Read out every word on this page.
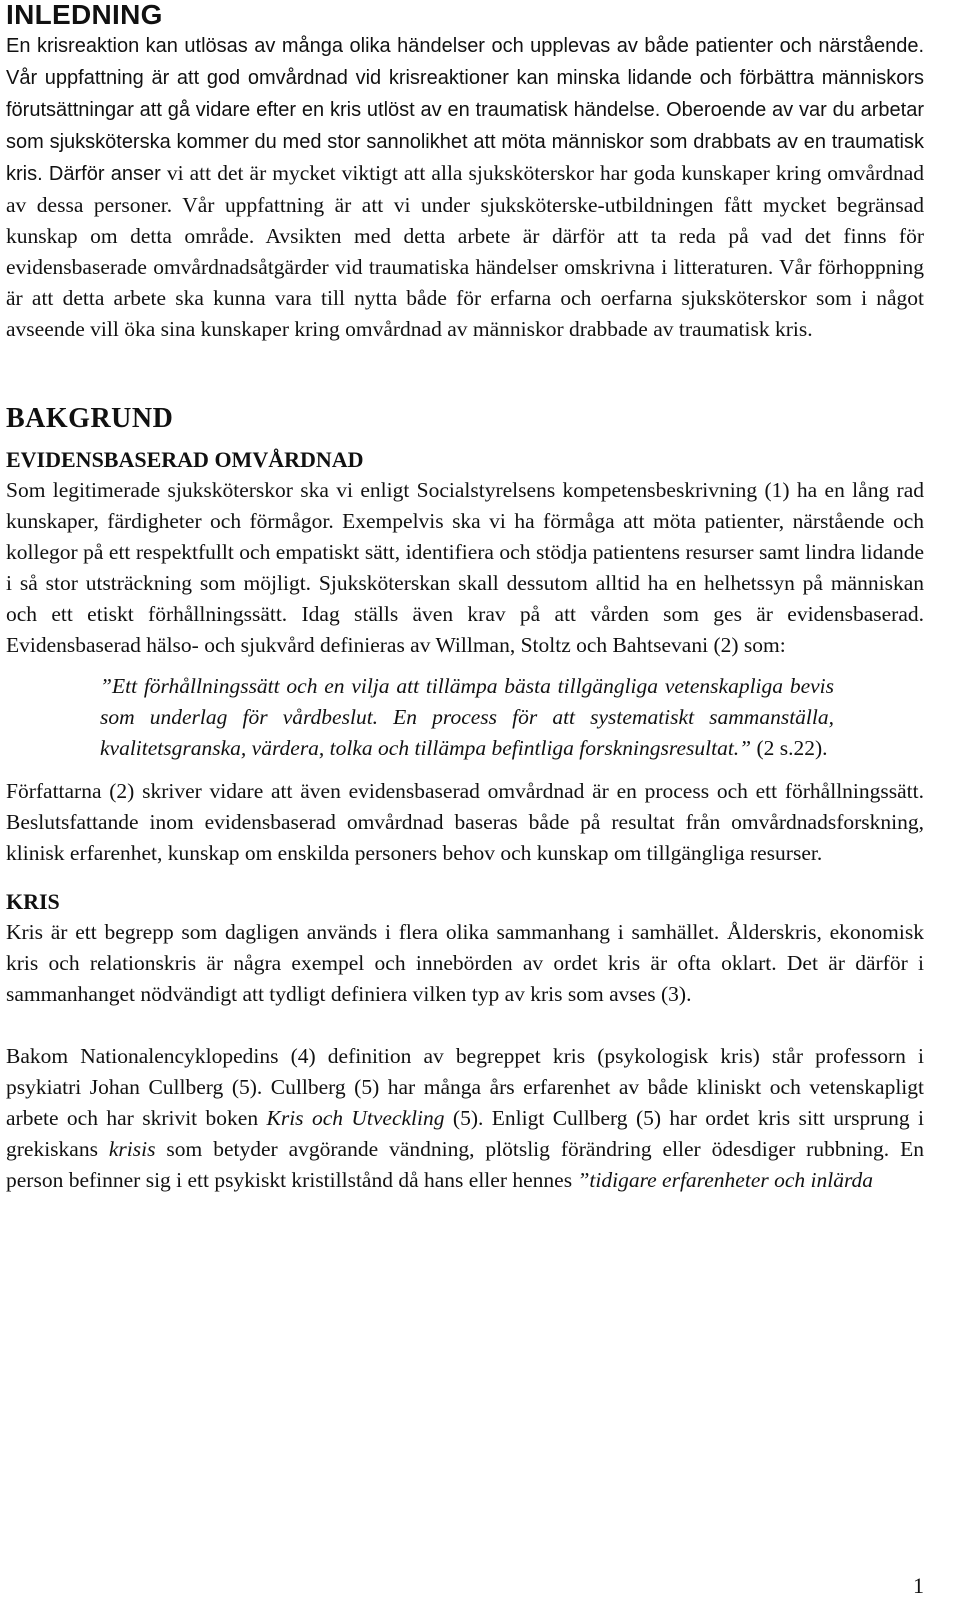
INLEDNING

En krisreaktion kan utlösas av många olika händelser och upplevas av både patienter och närstående. Vår uppfattning är att god omvårdnad vid krisreaktioner kan minska lidande och förbättra människors förutsättningar att gå vidare efter en kris utlöst av en traumatisk händelse. Oberoende av var du arbetar som sjuksköterska kommer du med stor sannolikhet att möta människor som drabbats av en traumatisk kris. Därför anser vi att det är mycket viktigt att alla sjuksköterskor har goda kunskaper kring omvårdnad av dessa personer. Vår uppfattning är att vi under sjuksköterske-utbildningen fått mycket begränsad kunskap om detta område. Avsikten med detta arbete är därför att ta reda på vad det finns för evidensbaserade omvårdnadsåtgärder vid traumatiska händelser omskrivna i litteraturen. Vår förhoppning är att detta arbete ska kunna vara till nytta både för erfarna och oerfarna sjuksköterskor som i något avseende vill öka sina kunskaper kring omvårdnad av människor drabbade av traumatisk kris.

BAKGRUND
EVIDENSBASERAD OMVÅRDNAD

Som legitimerade sjuksköterskor ska vi enligt Socialstyrelsens kompetensbeskrivning (1) ha en lång rad kunskaper, färdigheter och förmågor. Exempelvis ska vi ha förmåga att möta patienter, närstående och kollegor på ett respektfullt och empatiskt sätt, identifiera och stödja patientens resurser samt lindra lidande i så stor utsträckning som möjligt. Sjuksköterskan skall dessutom alltid ha en helhetssyn på människan och ett etiskt förhållningssätt. Idag ställs även krav på att vården som ges är evidensbaserad. Evidensbaserad hälso- och sjukvård definieras av Willman, Stoltz och Bahtsevani (2) som:

”Ett förhållningssätt och en vilja att tillämpa bästa tillgängliga vetenskapliga bevis som underlag för vårdbeslut. En process för att systematiskt sammanställa, kvalitetsgranska, värdera, tolka och tillämpa befintliga forskningsresultat.” (2 s.22).

Författarna (2) skriver vidare att även evidensbaserad omvårdnad är en process och ett förhållningssätt. Beslutsfattande inom evidensbaserad omvårdnad baseras både på resultat från omvårdnadsforskning, klinisk erfarenhet, kunskap om enskilda personers behov och kunskap om tillgängliga resurser.

KRIS

Kris är ett begrepp som dagligen används i flera olika sammanhang i samhället. Ålderskris, ekonomisk kris och relationskris är några exempel och innebörden av ordet kris är ofta oklart. Det är därför i sammanhanget nödvändigt att tydligt definiera vilken typ av kris som avses (3).

Bakom Nationalencyklopedins (4) definition av begreppet kris (psykologisk kris) står professorn i psykiatri Johan Cullberg (5). Cullberg (5) har många års erfarenhet av både kliniskt och vetenskapligt arbete och har skrivit boken Kris och Utveckling (5). Enligt Cullberg (5) har ordet kris sitt ursprung i grekiskans krisis som betyder avgörande vändning, plötslig förändring eller ödesdiger rubbning. En person befinner sig i ett psykiskt kristillstånd då hans eller hennes ”tidigare erfarenheter och inlärda

1
